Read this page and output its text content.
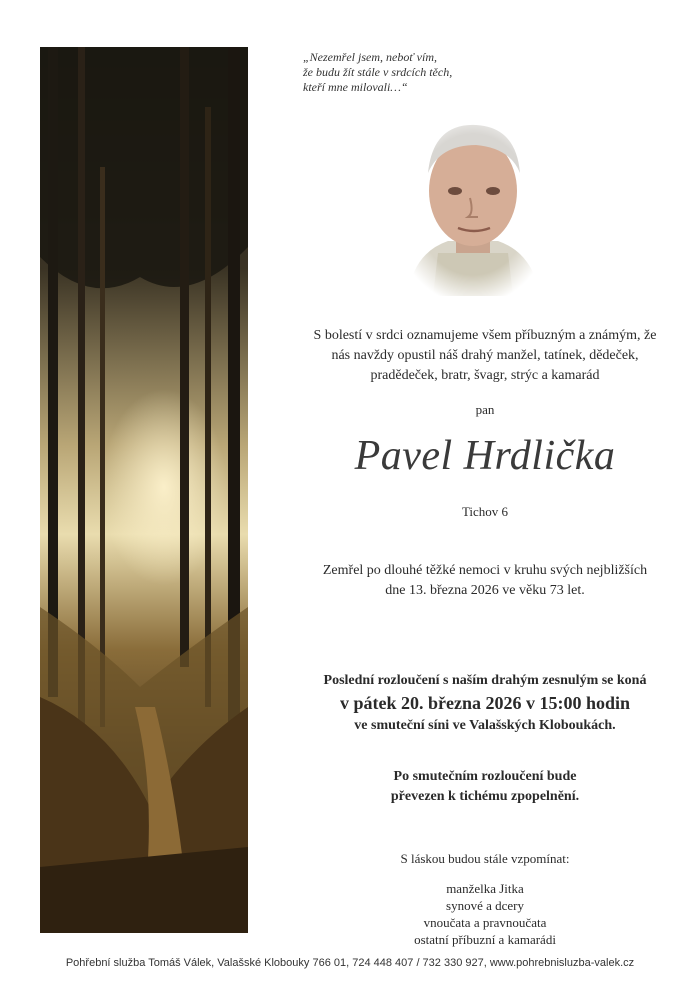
„Nezemřel jsem, neboť vím,
že budu žít stále v srdcích těch,
kteří mne milovali…“
S bolestí v srdci oznamujeme všem příbuzným a známým, že
nás navždy opustil náš drahý manžel, tatínek, dědeček,
pradědeček, bratr, švagr, strýc a kamarád
pan
Pavel Hrdlička
Tichov 6
Zemřel po dlouhé těžké nemoci v kruhu svých nejbližších
dne 13. března 2026 ve věku 73 let.
Poslední rozloučení s naším drahým zesnulým se koná
v pátek 20. března 2026 v 15:00 hodin
ve smuteční síni ve Valašských Kloboukách.
Po smutečním rozloučení bude
převezen k tichému zpopelnění.
S láskou budou stále vzpomínat:
manželka Jitka
synové a dcery
vnoučata a pravnoučata
ostatní příbuzní a kamarádi
Pohřební služba Tomáš Válek, Valašské Klobouky 766 01, 724 448 407 / 732 330 927, www.pohrebnisluzba-valek.cz
